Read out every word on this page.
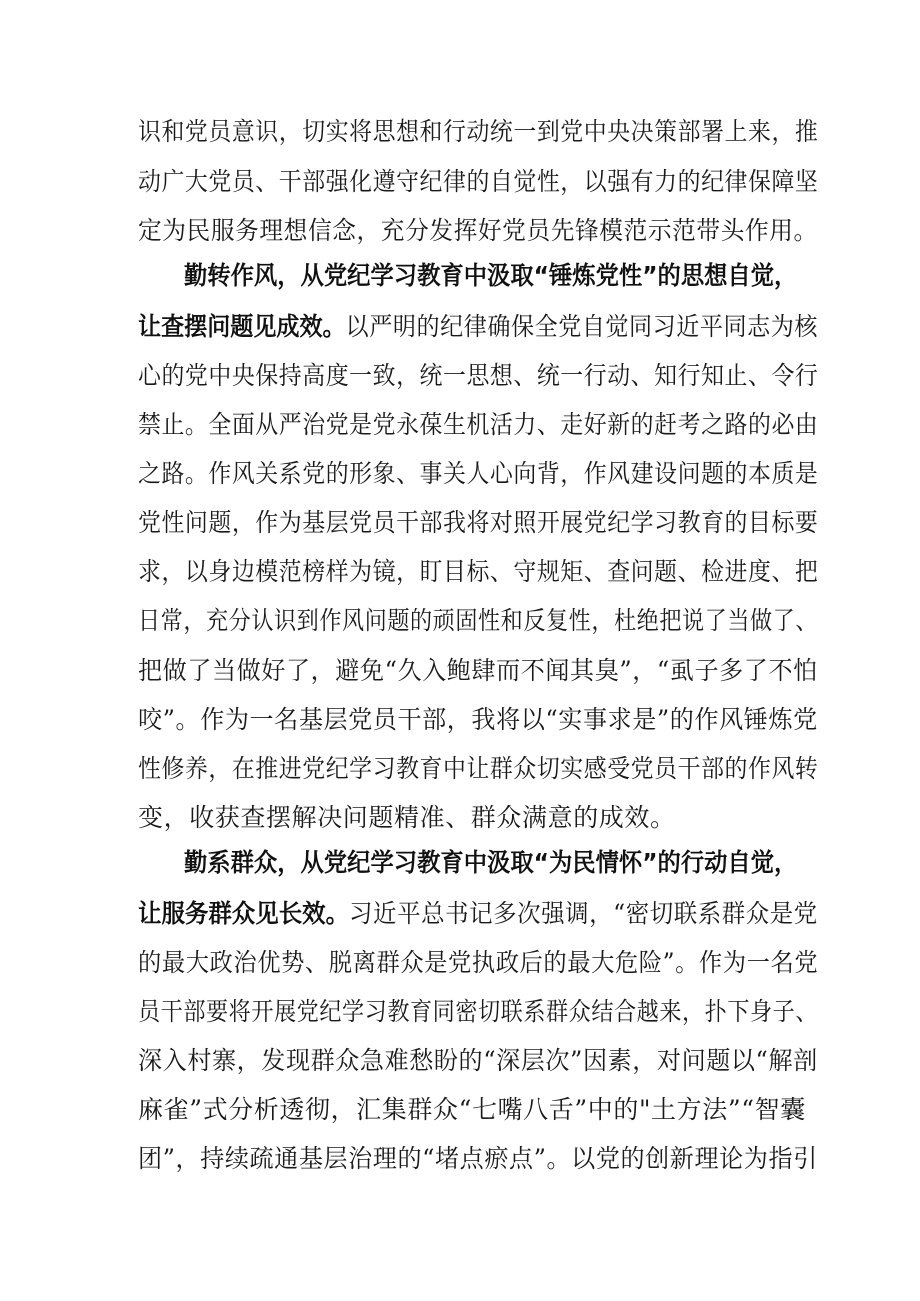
识和党员意识，切实将思想和行动统一到党中央决策部署上来，推
动广大党员、干部强化遵守纪律的自觉性，以强有力的纪律保障坚
定为民服务理想信念，充分发挥好党员先锋模范示范带头作用。
勤转作风，从党纪学习教育中汲取“锤炼党性”的思想自觉，
让查摆问题见成效。以严明的纪律确保全党自觉同习近平同志为核
心的党中央保持高度一致，统一思想、统一行动、知行知止、令行
禁止。全面从严治党是党永葆生机活力、走好新的赶考之路的必由
之路。作风关系党的形象、事关人心向背，作风建设问题的本质是
党性问题，作为基层党员干部我将对照开展党纪学习教育的目标要
求，以身边模范榜样为镜，盯目标、守规矩、查问题、检进度、把
日常，充分认识到作风问题的顽固性和反复性，杜绝把说了当做了、
把做了当做好了，避免“久入鲍肆而不闻其臭”，“虱子多了不怕
咬”。作为一名基层党员干部，我将以“实事求是”的作风锤炼党
性修养，在推进党纪学习教育中让群众切实感受党员干部的作风转
变，收获查摆解决问题精准、群众满意的成效。
勤系群众，从党纪学习教育中汲取“为民情怀”的行动自觉，
让服务群众见长效。习近平总书记多次强调，“密切联系群众是党
的最大政治优势、脱离群众是党执政后的最大危险”。作为一名党
员干部要将开展党纪学习教育同密切联系群众结合越来，扑下身子、
深入村寨，发现群众急难愁盼的“深层次”因素，对问题以“解剖
麻雀”式分析透彻，汇集群众“七嘴八舌”中的"土方法”“智囊
团”，持续疏通基层治理的“堵点瘀点”。以党的创新理论为指引
